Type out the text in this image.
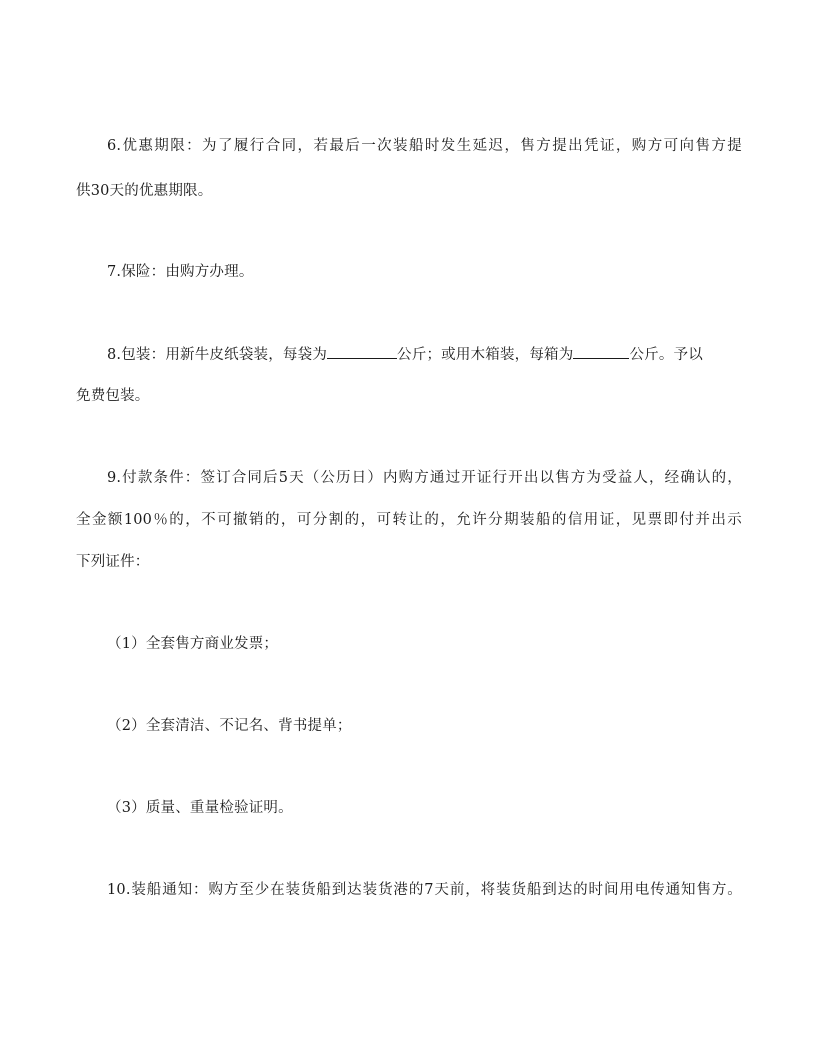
6.优惠期限：为了履行合同，若最后一次装船时发生延迟，售方提出凭证，购方可向售方提
供30天的优惠期限。
7.保险：由购方办理。
8.包装：用新牛皮纸袋装，每袋为	公斤；或用木箱装，每箱为	公斤。予以
免费包装。
9.付款条件：签订合同后5天（公历日）内购方通过开证行开出以售方为受益人，经确认的，
全金额100％的，不可撤销的，可分割的，可转让的，允许分期装船的信用证，见票即付并出示
下列证件：
（1）全套售方商业发票；
（2）全套清洁、不记名、背书提单；
（3）质量、重量检验证明。
10.装船通知：购方至少在装货船到达装货港的7天前，将装货船到达的时间用电传通知售方。
